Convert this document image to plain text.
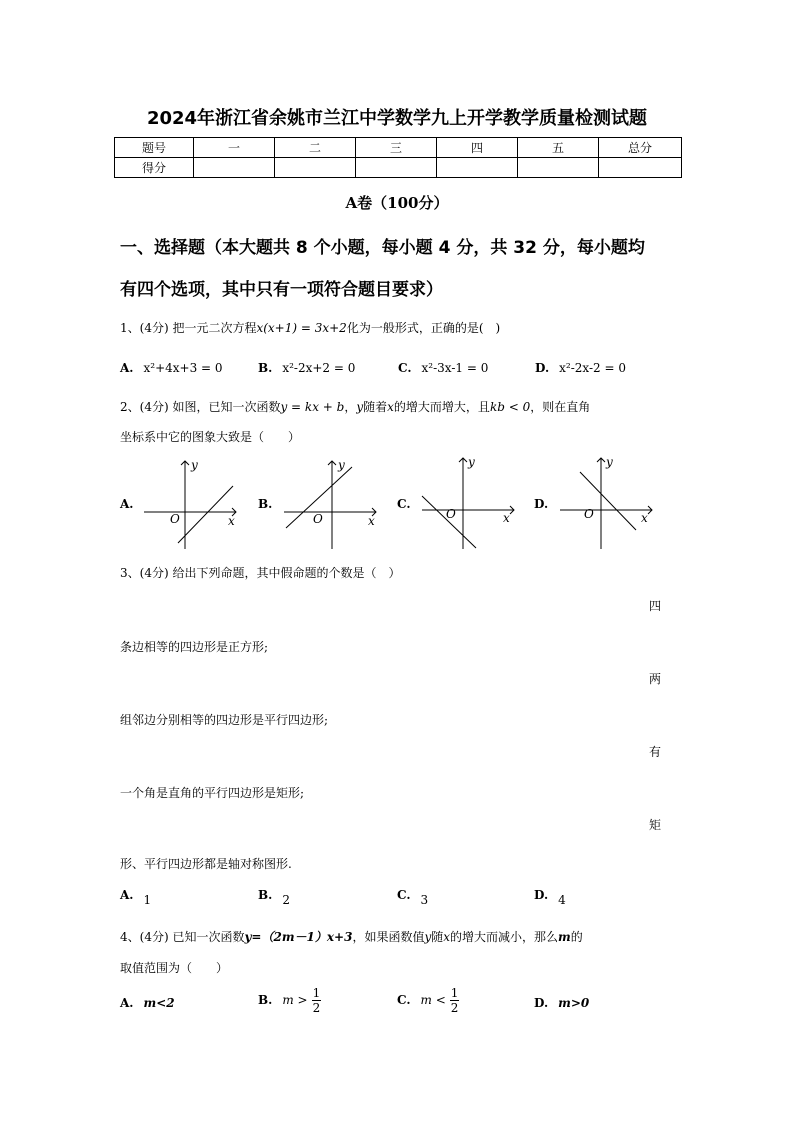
2024年浙江省余姚市兰江中学数学九上开学教学质量检测试题
题号	一	二	三	四	五	总分
得分						
A卷（100分）
一、选择题（本大题共 8 个小题，每小题 4 分，共 32 分，每小题均
有四个选项，其中只有一项符合题目要求）
1、(4分) 把一元二次方程x(x+1) = 3x+2化为一般形式，正确的是(　)
A. x²+4x+3 = 0	B. x²-2x+2 = 0	C. x²-3x-1 = 0	D. x²-2x-2 = 0
2、(4分) 如图，已知一次函数y = kx + b，y随着x的增大而增大，且kb < 0，则在直角
坐标系中它的图象大致是（　　）
A.	B.	C.	D.
y
x
O
y
x
O
y
x
O
y
x
O
3、(4分) 给出下列命题，其中假命题的个数是（　）
四
条边相等的四边形是正方形;
两
组邻边分别相等的四边形是平行四边形;
有
一个角是直角的平行四边形是矩形;
矩
形、平行四边形都是轴对称图形.
A. 1	B. 2	C. 3	D. 4
4、(4分) 已知一次函数y=（2m－1）x+3，如果函数值y随x的增大而减小，那么m的
取值范围为（　　）
A. m<2	B. $m > \frac{1}{2}$	C. $m < \frac{1}{2}$	D. m>0
